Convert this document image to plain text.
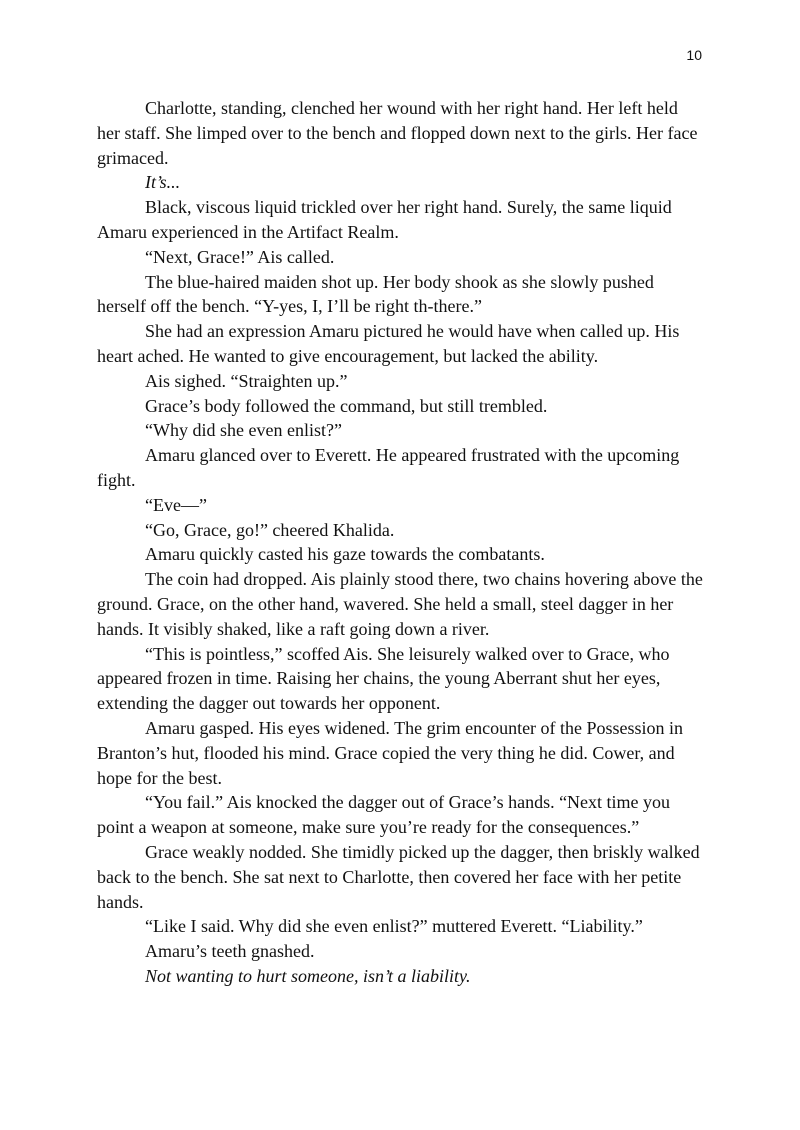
10

Charlotte, standing, clenched her wound with her right hand. Her left held her staff. She limped over to the bench and flopped down next to the girls. Her face grimaced.

It’s...

Black, viscous liquid trickled over her right hand. Surely, the same liquid Amaru experienced in the Artifact Realm.

“Next, Grace!” Ais called.

The blue-haired maiden shot up. Her body shook as she slowly pushed herself off the bench. “Y-yes, I, I’ll be right th-there.”

She had an expression Amaru pictured he would have when called up. His heart ached. He wanted to give encouragement, but lacked the ability.

Ais sighed. “Straighten up.”

Grace’s body followed the command, but still trembled.

“Why did she even enlist?”

Amaru glanced over to Everett. He appeared frustrated with the upcoming fight.

“Eve—”

“Go, Grace, go!” cheered Khalida.

Amaru quickly casted his gaze towards the combatants.

The coin had dropped. Ais plainly stood there, two chains hovering above the ground. Grace, on the other hand, wavered. She held a small, steel dagger in her hands. It visibly shaked, like a raft going down a river.

“This is pointless,” scoffed Ais. She leisurely walked over to Grace, who appeared frozen in time. Raising her chains, the young Aberrant shut her eyes, extending the dagger out towards her opponent.

Amaru gasped. His eyes widened. The grim encounter of the Possession in Branton’s hut, flooded his mind. Grace copied the very thing he did. Cower, and hope for the best.

“You fail.” Ais knocked the dagger out of Grace’s hands. “Next time you point a weapon at someone, make sure you’re ready for the consequences.”

Grace weakly nodded. She timidly picked up the dagger, then briskly walked back to the bench. She sat next to Charlotte, then covered her face with her petite hands.

“Like I said. Why did she even enlist?” muttered Everett. “Liability.”

Amaru’s teeth gnashed.

Not wanting to hurt someone, isn’t a liability.
